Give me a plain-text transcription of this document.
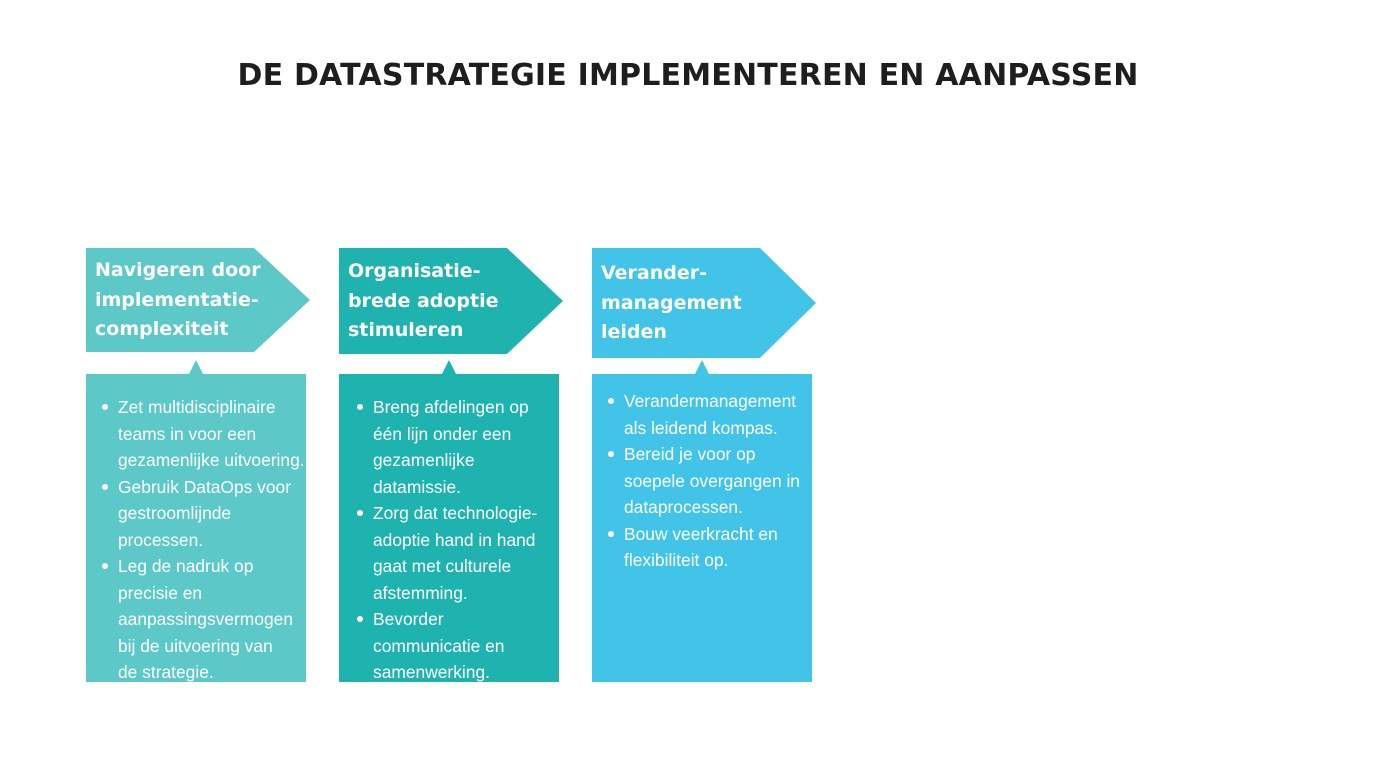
DE DATASTRATEGIE IMPLEMENTEREN EN AANPASSEN
Navigeren door
implementatie-
complexiteit
Zet multidisciplinaire
teams in voor een
gezamenlijke uitvoering.
Gebruik DataOps voor
gestroomlijnde
processen.
Leg de nadruk op
precisie en
aanpassingsvermogen
bij de uitvoering van
de strategie.
Organisatie-
brede adoptie
stimuleren
Breng afdelingen op
één lijn onder een
gezamenlijke
datamissie.
Zorg dat technologie-
adoptie hand in hand
gaat met culturele
afstemming.
Bevorder
communicatie en
samenwerking.
Verander-
management
leiden
Verandermanagement
als leidend kompas.
Bereid je voor op
soepele overgangen in
dataprocessen.
Bouw veerkracht en
flexibiliteit op.
